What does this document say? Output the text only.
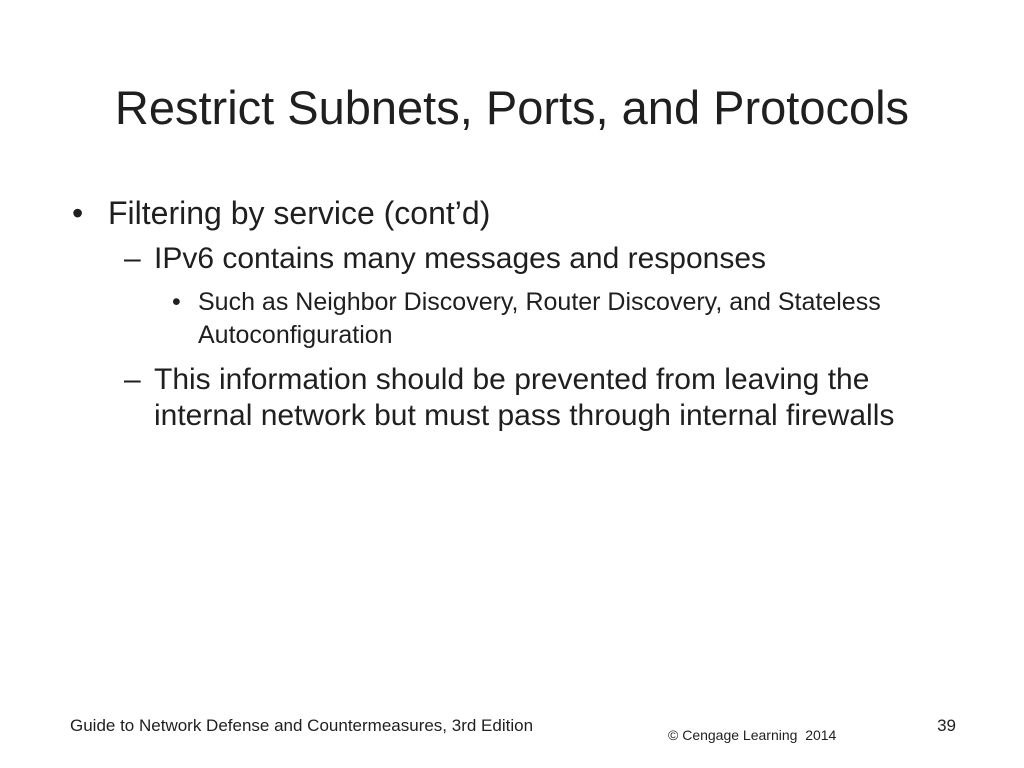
Restrict Subnets, Ports, and Protocols
• Filtering by service (cont’d)
– IPv6 contains many messages and responses
• Such as Neighbor Discovery, Router Discovery, and Stateless Autoconfiguration
– This information should be prevented from leaving the internal network but must pass through internal firewalls
Guide to Network Defense and Countermeasures, 3rd Edition	© Cengage Learning  2014	39
